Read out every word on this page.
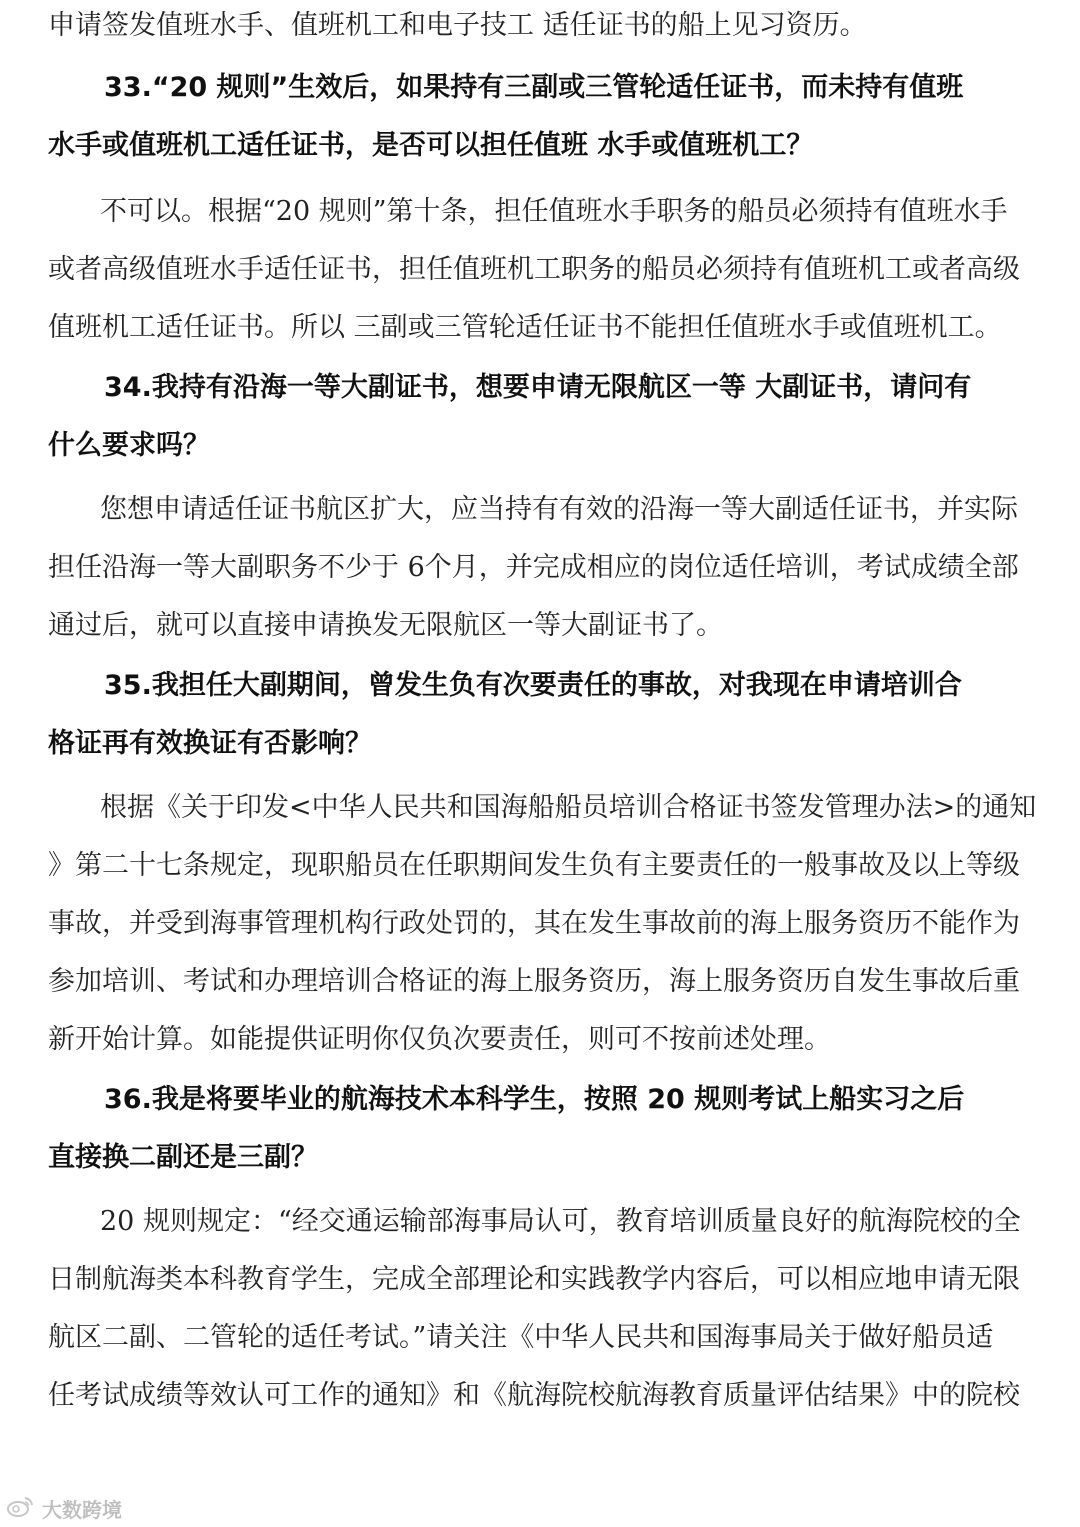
申请签发值班水手、值班机工和电子技工 适任证书的船上见习资历。
33.“20 规则”生效后，如果持有三副或三管轮适任证书，而未持有值班
水手或值班机工适任证书，是否可以担任值班 水手或值班机工？
不可以。根据“20 规则”第十条，担任值班水手职务的船员必须持有值班水手
或者高级值班水手适任证书，担任值班机工职务的船员必须持有值班机工或者高级
值班机工适任证书。所以 三副或三管轮适任证书不能担任值班水手或值班机工。
34.我持有沿海一等大副证书，想要申请无限航区一等 大副证书，请问有
什么要求吗？
您想申请适任证书航区扩大，应当持有有效的沿海一等大副适任证书，并实际
担任沿海一等大副职务不少于 6个月，并完成相应的岗位适任培训，考试成绩全部
通过后，就可以直接申请换发无限航区一等大副证书了。
35.我担任大副期间，曾发生负有次要责任的事故，对我现在申请培训合
格证再有效换证有否影响？
根据《关于印发<中华人民共和国海船船员培训合格证书签发管理办法>的通知
》第二十七条规定，现职船员在任职期间发生负有主要责任的一般事故及以上等级
事故，并受到海事管理机构行政处罚的，其在发生事故前的海上服务资历不能作为
参加培训、考试和办理培训合格证的海上服务资历，海上服务资历自发生事故后重
新开始计算。如能提供证明你仅负次要责任，则可不按前述处理。
36.我是将要毕业的航海技术本科学生，按照 20 规则考试上船实习之后
直接换二副还是三副？
20 规则规定：“经交通运输部海事局认可，教育培训质量良好的航海院校的全
日制航海类本科教育学生，完成全部理论和实践教学内容后，可以相应地申请无限
航区二副、二管轮的适任考试。”请关注《中华人民共和国海事局关于做好船员适
任考试成绩等效认可工作的通知》和《航海院校航海教育质量评估结果》中的院校
大数跨境
